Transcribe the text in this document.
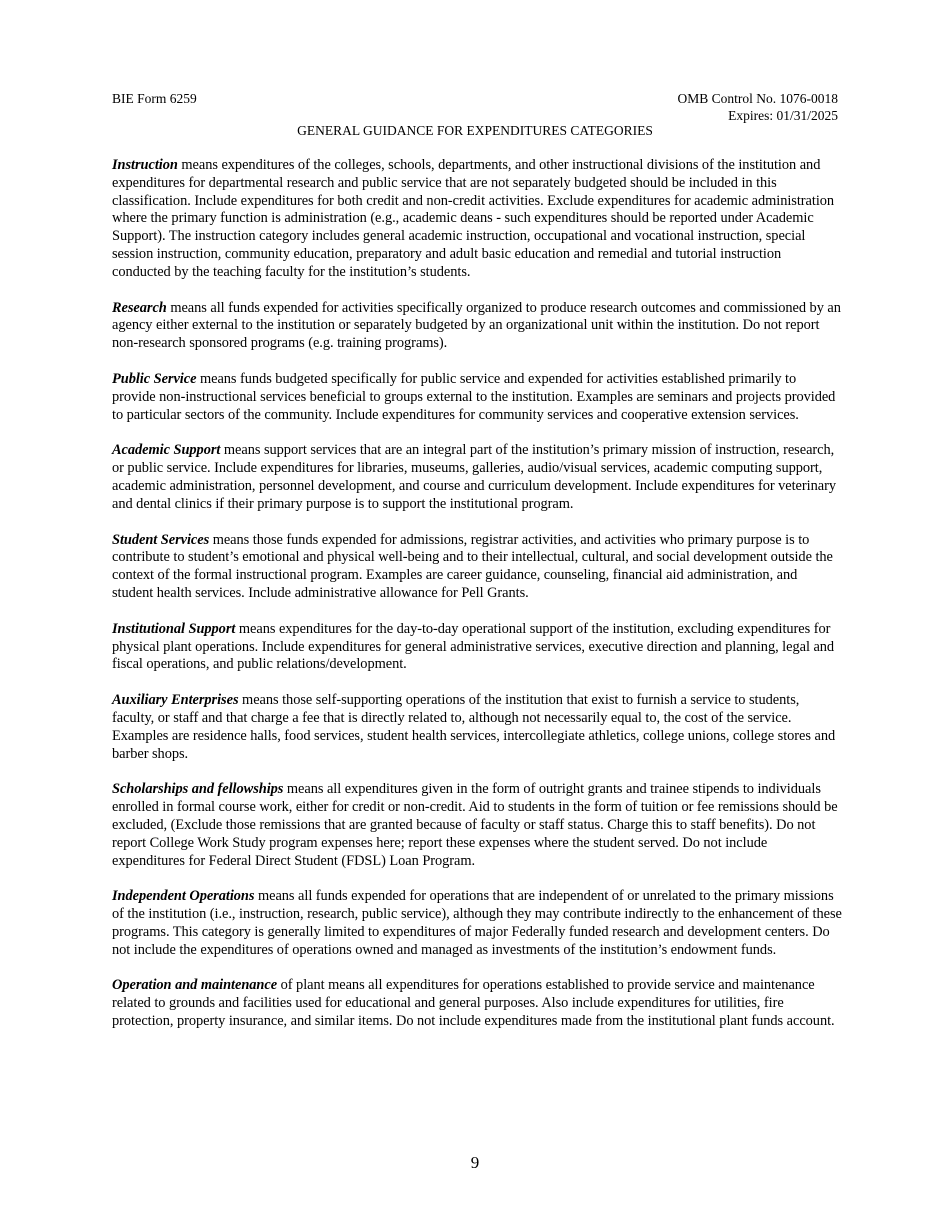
BIE Form 6259	OMB Control No. 1076-0018
Expires: 01/31/2025
GENERAL GUIDANCE FOR EXPENDITURES CATEGORIES

Instruction means expenditures of the colleges, schools, departments, and other instructional divisions of the institution and expenditures for departmental research and public service that are not separately budgeted should be included in this classification. Include expenditures for both credit and non-credit activities. Exclude expenditures for academic administration where the primary function is administration (e.g., academic deans - such expenditures should be reported under Academic Support). The instruction category includes general academic instruction, occupational and vocational instruction, special session instruction, community education, preparatory and adult basic education and remedial and tutorial instruction conducted by the teaching faculty for the institution’s students.

Research means all funds expended for activities specifically organized to produce research outcomes and commissioned by an agency either external to the institution or separately budgeted by an organizational unit within the institution. Do not report non-research sponsored programs (e.g. training programs).

Public Service means funds budgeted specifically for public service and expended for activities established primarily to provide non-instructional services beneficial to groups external to the institution. Examples are seminars and projects provided to particular sectors of the community. Include expenditures for community services and cooperative extension services.

Academic Support means support services that are an integral part of the institution’s primary mission of instruction, research, or public service. Include expenditures for libraries, museums, galleries, audio/visual services, academic computing support, academic administration, personnel development, and course and curriculum development. Include expenditures for veterinary and dental clinics if their primary purpose is to support the institutional program.

Student Services means those funds expended for admissions, registrar activities, and activities who primary purpose is to contribute to student’s emotional and physical well-being and to their intellectual, cultural, and social development outside the context of the formal instructional program. Examples are career guidance, counseling, financial aid administration, and student health services. Include administrative allowance for Pell Grants.

Institutional Support means expenditures for the day-to-day operational support of the institution, excluding expenditures for physical plant operations. Include expenditures for general administrative services, executive direction and planning, legal and fiscal operations, and public relations/development.

Auxiliary Enterprises means those self-supporting operations of the institution that exist to furnish a service to students, faculty, or staff and that charge a fee that is directly related to, although not necessarily equal to, the cost of the service. Examples are residence halls, food services, student health services, intercollegiate athletics, college unions, college stores and barber shops.

Scholarships and fellowships means all expenditures given in the form of outright grants and trainee stipends to individuals enrolled in formal course work, either for credit or non-credit. Aid to students in the form of tuition or fee remissions should be excluded, (Exclude those remissions that are granted because of faculty or staff status. Charge this to staff benefits). Do not report College Work Study program expenses here; report these expenses where the student served. Do not include expenditures for Federal Direct Student (FDSL) Loan Program.

Independent Operations means all funds expended for operations that are independent of or unrelated to the primary missions of the institution (i.e., instruction, research, public service), although they may contribute indirectly to the enhancement of these programs. This category is generally limited to expenditures of major Federally funded research and development centers. Do not include the expenditures of operations owned and managed as investments of the institution’s endowment funds.

Operation and maintenance of plant means all expenditures for operations established to provide service and maintenance related to grounds and facilities used for educational and general purposes. Also include expenditures for utilities, fire protection, property insurance, and similar items. Do not include expenditures made from the institutional plant funds account.

9
